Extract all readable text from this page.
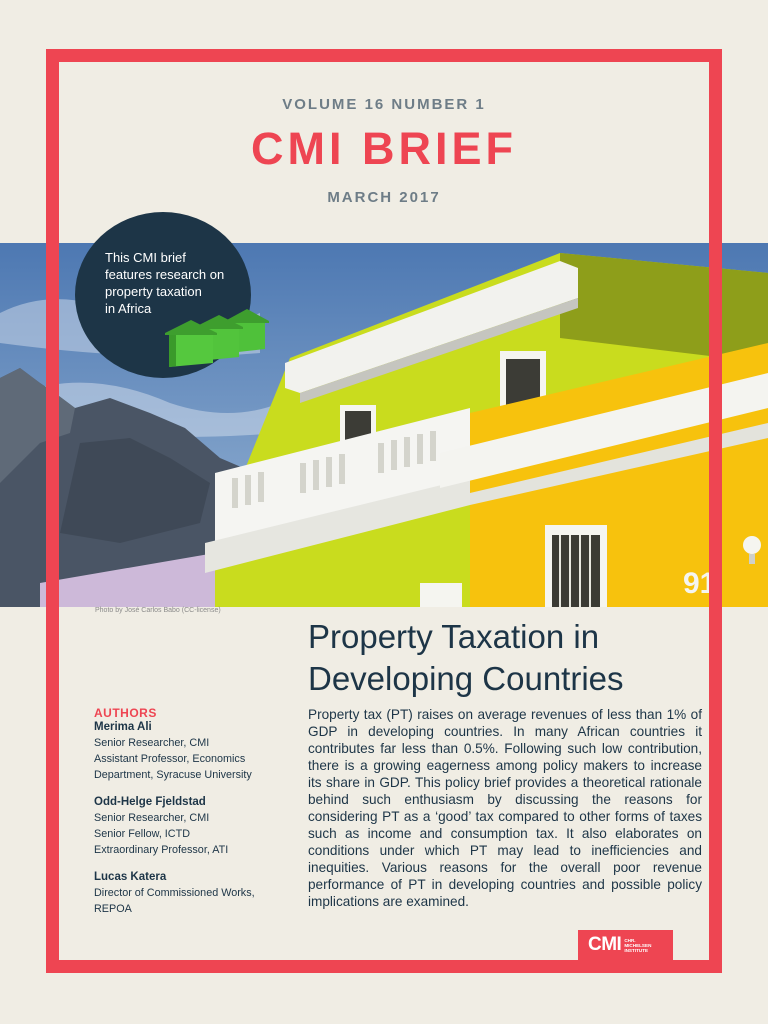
VOLUME 16 NUMBER 1
CMI BRIEF
MARCH 2017
91
This CMI brief
features research on
property taxation
in Africa
Photo by José Carlos Babo (CC-license)
Property Taxation in
Developing Countries
Property tax (PT) raises on average revenues of less than 1% of GDP in developing countries. In many African countries it contributes far less than 0.5%. Following such low contribution, there is a growing eagerness among policy makers to increase its share in GDP. This policy brief provides a theoretical rationale behind such enthusiasm by discussing the reasons for considering PT as a ‘good’ tax compared to other forms of taxes such as income and consumption tax. It also elaborates on conditions under which PT may lead to inefficiencies and inequities. Various reasons for the overall poor revenue performance of PT in developing countries and possible policy implications are examined.
AUTHORS
Merima Ali
Senior Researcher, CMI
Assistant Professor, Economics
Department, Syracuse University
Odd-Helge Fjeldstad
Senior Researcher, CMI
Senior Fellow, ICTD
Extraordinary Professor, ATI
Lucas Katera
Director of Commissioned Works,
REPOA
CMI CHR.
MICHELSEN
INSTITUTE
